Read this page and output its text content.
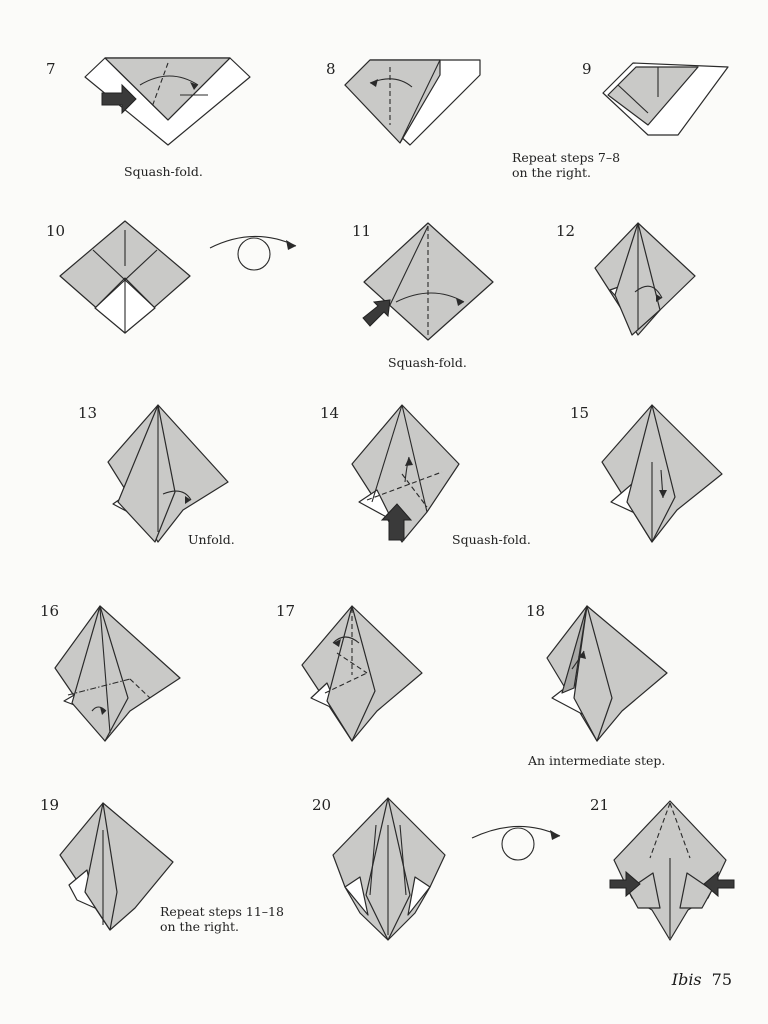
7	8	9
10	11	12
13	14	15
16	17	18
19	20	21
Squash-fold.
Repeat steps 7–8
on the right.
Squash-fold.
Unfold.	Squash-fold.
An intermediate step.
Repeat steps 11–18
on the right.
Ibis 75
